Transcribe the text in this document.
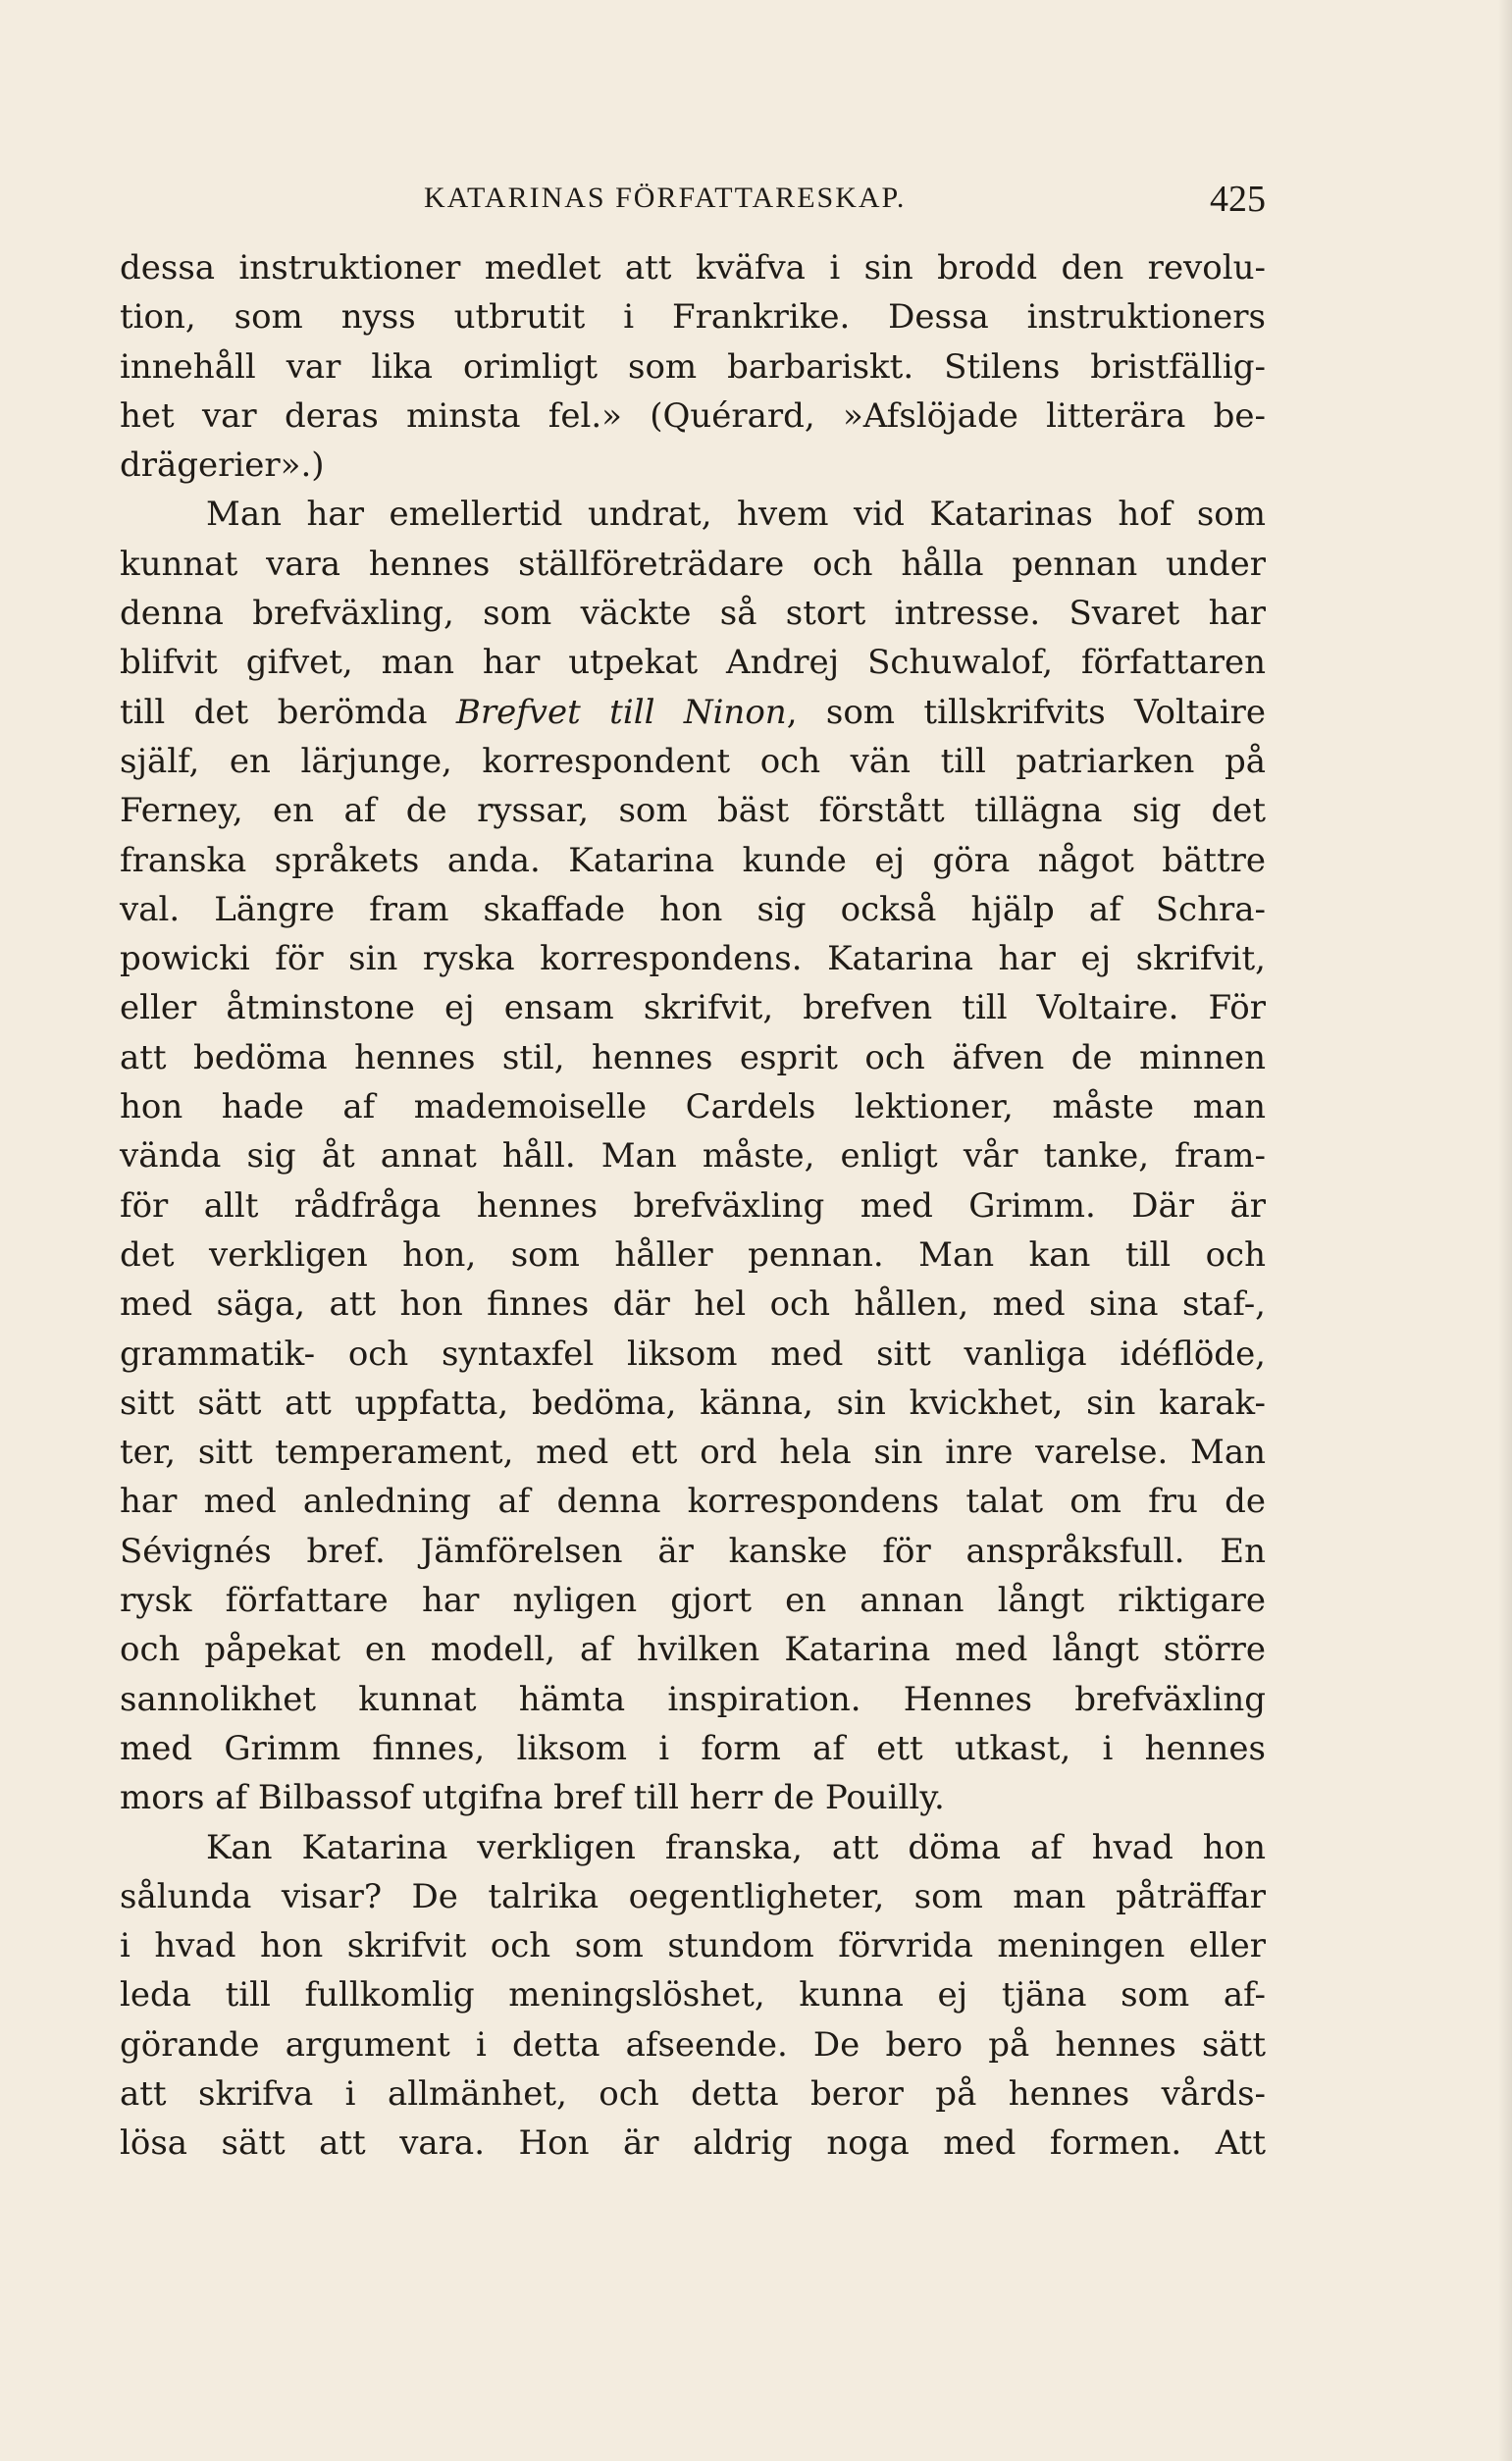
KATARINAS FÖRFATTARESKAP.	425
dessa instruktioner medlet att kväfva i sin brodd den revolu-
tion, som nyss utbrutit i Frankrike. Dessa instruktioners
innehåll var lika orimligt som barbariskt. Stilens bristfällig-
het var deras minsta fel.» (Quérard, »Afslöjade litterära be-
drägerier».)
Man har emellertid undrat, hvem vid Katarinas hof som
kunnat vara hennes ställföreträdare och hålla pennan under
denna brefväxling, som väckte så stort intresse. Svaret har
blifvit gifvet, man har utpekat Andrej Schuwalof, författaren
till det berömda Brefvet till Ninon, som tillskrifvits Voltaire
själf, en lärjunge, korrespondent och vän till patriarken på
Ferney, en af de ryssar, som bäst förstått tillägna sig det
franska språkets anda. Katarina kunde ej göra något bättre
val. Längre fram skaffade hon sig också hjälp af Schra-
powicki för sin ryska korrespondens. Katarina har ej skrifvit,
eller åtminstone ej ensam skrifvit, brefven till Voltaire. För
att bedöma hennes stil, hennes esprit och äfven de minnen
hon hade af mademoiselle Cardels lektioner, måste man
vända sig åt annat håll. Man måste, enligt vår tanke, fram-
för allt rådfråga hennes brefväxling med Grimm. Där är
det verkligen hon, som håller pennan. Man kan till och
med säga, att hon finnes där hel och hållen, med sina staf-,
grammatik- och syntaxfel liksom med sitt vanliga idéflöde,
sitt sätt att uppfatta, bedöma, känna, sin kvickhet, sin karak-
ter, sitt temperament, med ett ord hela sin inre varelse. Man
har med anledning af denna korrespondens talat om fru de
Sévignés bref. Jämförelsen är kanske för anspråksfull. En
rysk författare har nyligen gjort en annan långt riktigare
och påpekat en modell, af hvilken Katarina med långt större
sannolikhet kunnat hämta inspiration. Hennes brefväxling
med Grimm finnes, liksom i form af ett utkast, i hennes
mors af Bilbassof utgifna bref till herr de Pouilly.
Kan Katarina verkligen franska, att döma af hvad hon
sålunda visar? De talrika oegentligheter, som man påträffar
i hvad hon skrifvit och som stundom förvrida meningen eller
leda till fullkomlig meningslöshet, kunna ej tjäna som af-
görande argument i detta afseende. De bero på hennes sätt
att skrifva i allmänhet, och detta beror på hennes vårds-
lösa sätt att vara. Hon är aldrig noga med formen. Att
